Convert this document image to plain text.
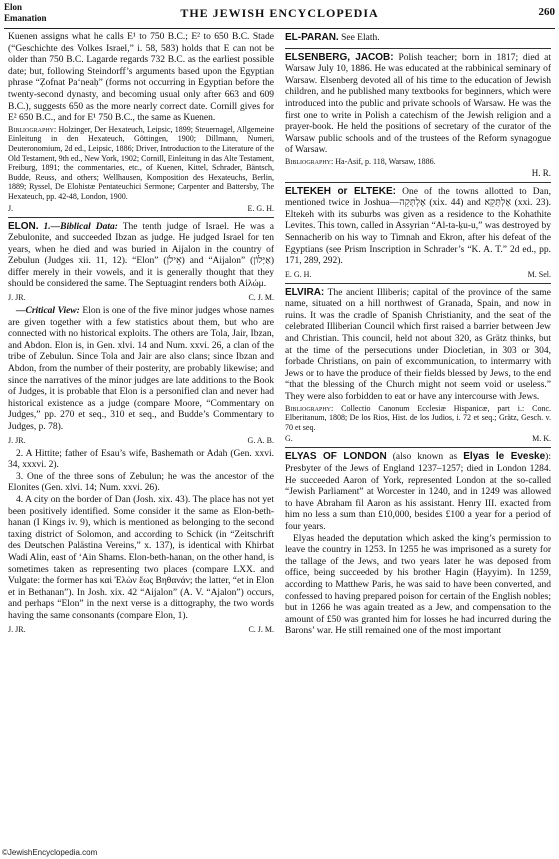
Elon
Emanation	THE JEWISH ENCYCLOPEDIA	260

Kuenen assigns what he calls E¹ to 750 B.C.; E² to 650 B.C. Stade (“Geschichte des Volkes Israel,” i. 58, 583) holds that E can not be older than 750 B.C. Lagarde regards 732 B.C. as the earliest possible date; but, following Steindorff’s arguments based upon the Egyptian phrase “Ẓofnat Pa‘neaḥ” (forms not occurring in Egyptian before the twenty-second dynasty, and becoming usual only after 663 and 609 B.C.), suggests 650 as the more nearly correct date. Cornill gives for E² 650 B.C., and for E¹ 750 B.C., the same as Kuenen.

Bibliography: Holzinger, Der Hexateuch, Leipsic, 1899; Steuernagel, Allgemeine Einleitung in den Hexateuch, Göttingen, 1900; Dillmann, Numeri, Deuteronomium, 2d ed., Leipsic, 1886; Driver, Introduction to the Literature of the Old Testament, 9th ed., New York, 1902; Cornill, Einleitung in das Alte Testament, Freiburg, 1891; the commentaries, etc., of Kuenen, Kittel, Schrader, Bäntsch, Budde, Reuss, and others; Wellhausen, Komposition des Hexateuchs, Berlin, 1889; Ryssel, De Elohistæ Pentateuchici Sermone; Carpenter and Battersby, The Hexateuch, pp. 42-48, London, 1900.

J.	E. G. H.

ELON. 1.—Biblical Data: The tenth judge of Israel. He was a Zebulonite, and succeeded Ibzan as judge. He judged Israel for ten years, when he died and was buried in Aijalon in the country of Zebulun (Judges xii. 11, 12). “Elon” (אֵילֹן) and “Aijalon” (אַיָּלוֹן) differ merely in their vowels, and it is generally thought that they should be considered the same. The Septuagint renders both Αἰλώμ.

J. JR.	C. J. M.

—Critical View: Elon is one of the five minor judges whose names are given together with a few statistics about them, but who are connected with no historical exploits. The others are Tola, Jair, Ibzan, and Abdon. Elon is, in Gen. xlvi. 14 and Num. xxvi. 26, a clan of the tribe of Zebulun. Since Tola and Jair are also clans; since Ibzan and Abdon, from the number of their posterity, are probably likewise; and since the narratives of the minor judges are late additions to the Book of Judges, it is probable that Elon is a personified clan and never had historical existence as a judge (compare Moore, “Commentary on Judges,” pp. 270 et seq., 310 et seq., and Budde’s Commentary to Judges, p. 78).

J. JR.	G. A. B.

2. A Hittite; father of Esau’s wife, Bashemath or Adah (Gen. xxvi. 34, xxxvi. 2).

3. One of the three sons of Zebulun; he was the ancestor of the Elonites (Gen. xlvi. 14; Num. xxvi. 26).

4. A city on the border of Dan (Josh. xix. 43). The place has not yet been positively identified. Some consider it the same as Elon-beth-hanan (I Kings iv. 9), which is mentioned as belonging to the second taxing district of Solomon, and according to Schick (in “Zeitschrift des Deutschen Palästina Vereins,” x. 137), is identical with Khirbat Wadi Alin, east of ‘Ain Shams. Elon-beth-hanan, on the other hand, is sometimes taken as representing two places (compare LXX. and Vulgate: the former has καὶ Ἐλὼν ἕως Βηθανάν; the latter, “et in Elon et in Bethanan”). In Josh. xix. 42 “Aijalon” (A. V. “Ajalon”) occurs, and perhaps “Elon” in the next verse is a dittography, the two words having the same consonants (compare Elon, 1).

J. JR.	C. J. M.

EL-PARAN. See Elath.

ELSENBERG, JACOB: Polish teacher; born in 1817; died at Warsaw July 10, 1886. He was educated at the rabbinical seminary of Warsaw. Elsenberg devoted all of his time to the education of Jewish children, and he published many textbooks for beginners, which were introduced into the public and private schools of Warsaw. He was the first one to write in Polish a catechism of the Jewish religion and a prayer-book. He held the positions of secretary of the curator of the Warsaw public schools and of the trustees of the Reform synagogue of Warsaw.

Bibliography: Ha-Asif, p. 118, Warsaw, 1886.

H. R.

ELTEKEH or ELTEKE: One of the towns allotted to Dan, mentioned twice in Joshua—אֶלְתְּקֵה (xix. 44) and אֶלְתְּקֵא (xxi. 23). Eltekeh with its suburbs was given as a residence to the Kohathite Levites. This town, called in Assyrian “Al-ta-ḳu-u,” was destroyed by Sennacherib on his way to Timnah and Ekron, after his defeat of the Egyptians (see Prism Inscription in Schrader’s “K. A. T.” 2d ed., pp. 171, 289, 292).

E. G. H.	M. Sel.

ELVIRA: The ancient Illiberis; capital of the province of the same name, situated on a hill northwest of Granada, Spain, and now in ruins. It was the cradle of Spanish Christianity, and the seat of the celebrated Illiberian Council which first raised a barrier between Jew and Christian. This council, held not about 320, as Grätz thinks, but at the time of the persecutions under Diocletian, in 303 or 304, forbade Christians, on pain of excommunication, to intermarry with Jews or to have the produce of their fields blessed by Jews, to the end “that the blessing of the Church might not seem void or useless.” They were also forbidden to eat or have any intercourse with Jews.

Bibliography: Collectio Canonum Ecclesiæ Hispanicæ, part i.: Conc. Elberitanum, 1808; De los Rios, Hist. de los Judios, i. 72 et seq.; Grätz, Gesch. v. 70 et seq.

G.	M. K.

ELYAS OF LONDON (also known as Elyas le Eveske): Presbyter of the Jews of England 1237–1257; died in London 1284. He succeeded Aaron of York, represented London at the so-called “Jewish Parliament” at Worcester in 1240, and in 1249 was allowed to have Abraham fil Aaron as his assistant. Henry III. exacted from him no less a sum than £10,000, besides £100 a year for a period of four years.

Elyas headed the deputation which asked the king’s permission to leave the country in 1253. In 1255 he was imprisoned as a surety for the tallage of the Jews, and two years later he was deposed from office, being succeeded by his brother Hagin (Ḥayyim). In 1259, according to Matthew Paris, he was said to have been converted, and confessed to having prepared poison for certain of the English nobles; but in 1266 he was again treated as a Jew, and compensation to the amount of £50 was granted him for losses he had incurred during the Barons’ war. He still remained one of the most important

©JewishEncyclopedia.com
